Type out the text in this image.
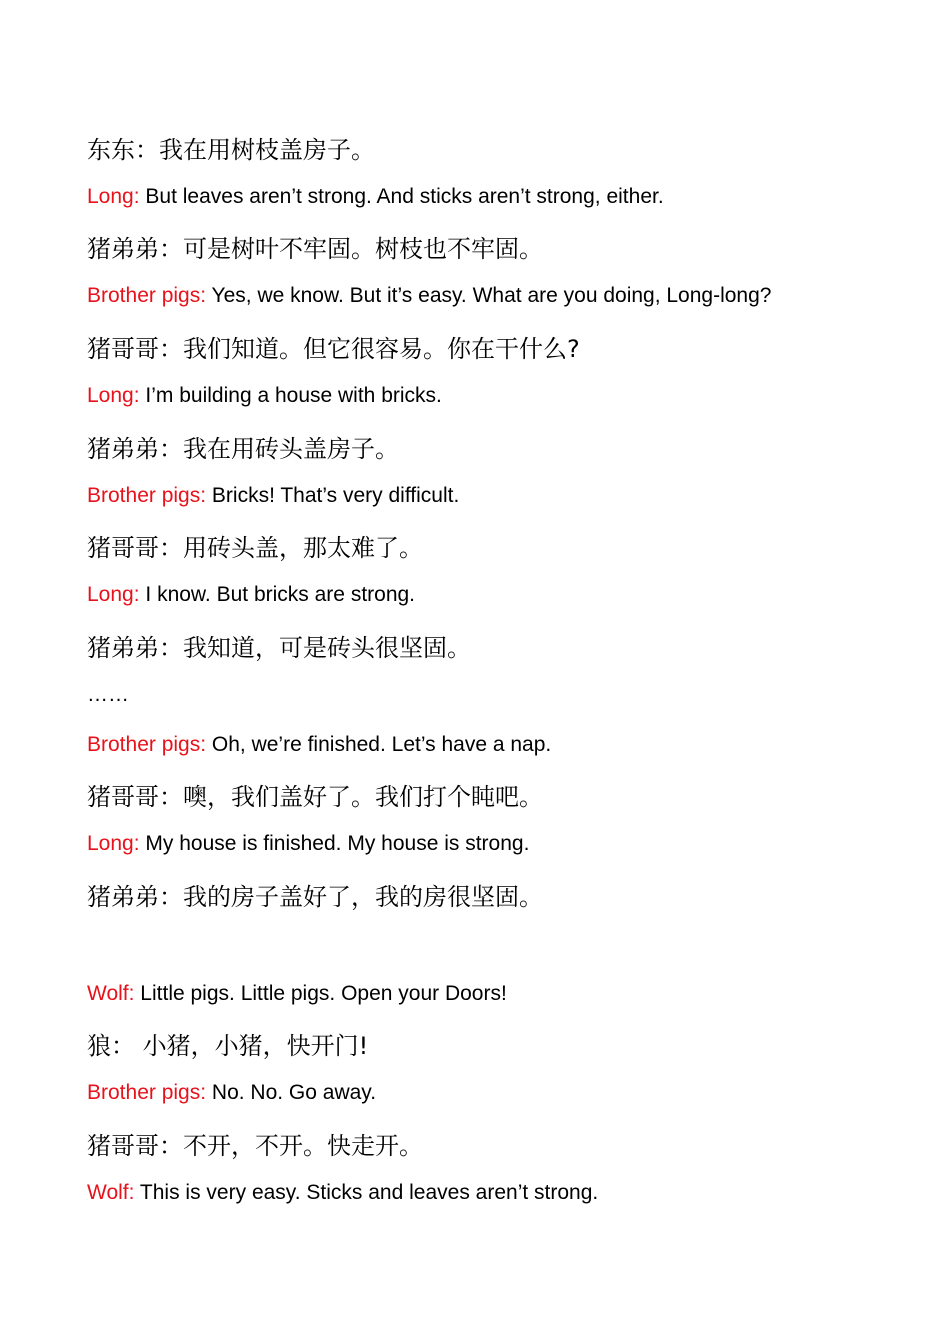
东东：我在用树枝盖房子。
Long: But leaves aren’t strong. And sticks aren’t strong, either.
猪弟弟：可是树叶不牢固。树枝也不牢固。
Brother pigs: Yes, we know. But it’s easy. What are you doing, Long-long?
猪哥哥：我们知道。但它很容易。你在干什么?
Long: I’m building a house with bricks.
猪弟弟：我在用砖头盖房子。
Brother pigs: Bricks! That’s very difficult.
猪哥哥：用砖头盖，那太难了。
Long: I know. But bricks are strong.
猪弟弟：我知道，可是砖头很坚固。
……
Brother pigs: Oh, we’re finished. Let’s have a nap.
猪哥哥：噢，我们盖好了。我们打个盹吧。
Long: My house is finished. My house is strong.
猪弟弟：我的房子盖好了，我的房很坚固。
Wolf: Little pigs. Little pigs. Open your Doors!
狼： 小猪，小猪，快开门!
Brother pigs: No. No. Go away.
猪哥哥：不开，不开。快走开。
Wolf: This is very easy. Sticks and leaves aren’t strong.
